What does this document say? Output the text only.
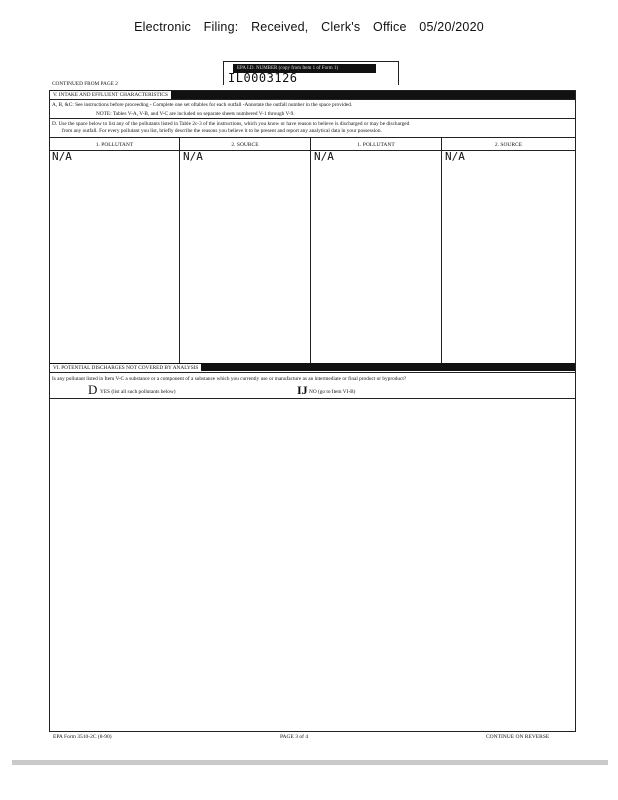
Electronic Filing: Received, Clerk's Office 05/20/2020
EPA I.D. NUMBER (copy from Item 1 of Form 1)
IL0003126
CONTINUED FROM PAGE 2
V. INTAKE AND EFFLUENT CHARACTERISTICS
A, B, &C: See instructions before proceeding - Complete one set oftables for each outfall -Annotate the outfall number in the space provided.
NOTE: Tables V-A, V-B, and V-C are included on separate sheets numbered V-1 through V-9.
D. Use the space below to list any of the pollutants listed in Table 2c-3 of the instructions, which you know or have reason to believe is discharged or may be discharged
from any outfall. For every pollutant you list, briefly describe the reasons you believe it to be present and report any analytical data in your possession.
1. POLLUTANT	2. SOURCE	1. POLLUTANT	2. SOURCE
N/A	N/A	N/A	N/A
VI. POTENTIAL DISCHARGES NOT COVERED BY ANALYSIS
Is any pollutant listed in Item V-C a substance or a component of a substance which you currently use or manufacture as an intermediate or final product or byproduct?
D YES (list all such pollutants below)	IJ NO (go to Item VI-B)
EPA Form 3510-2C (8-90)	PAGE 3 of 4	CONTINUE ON REVERSE
